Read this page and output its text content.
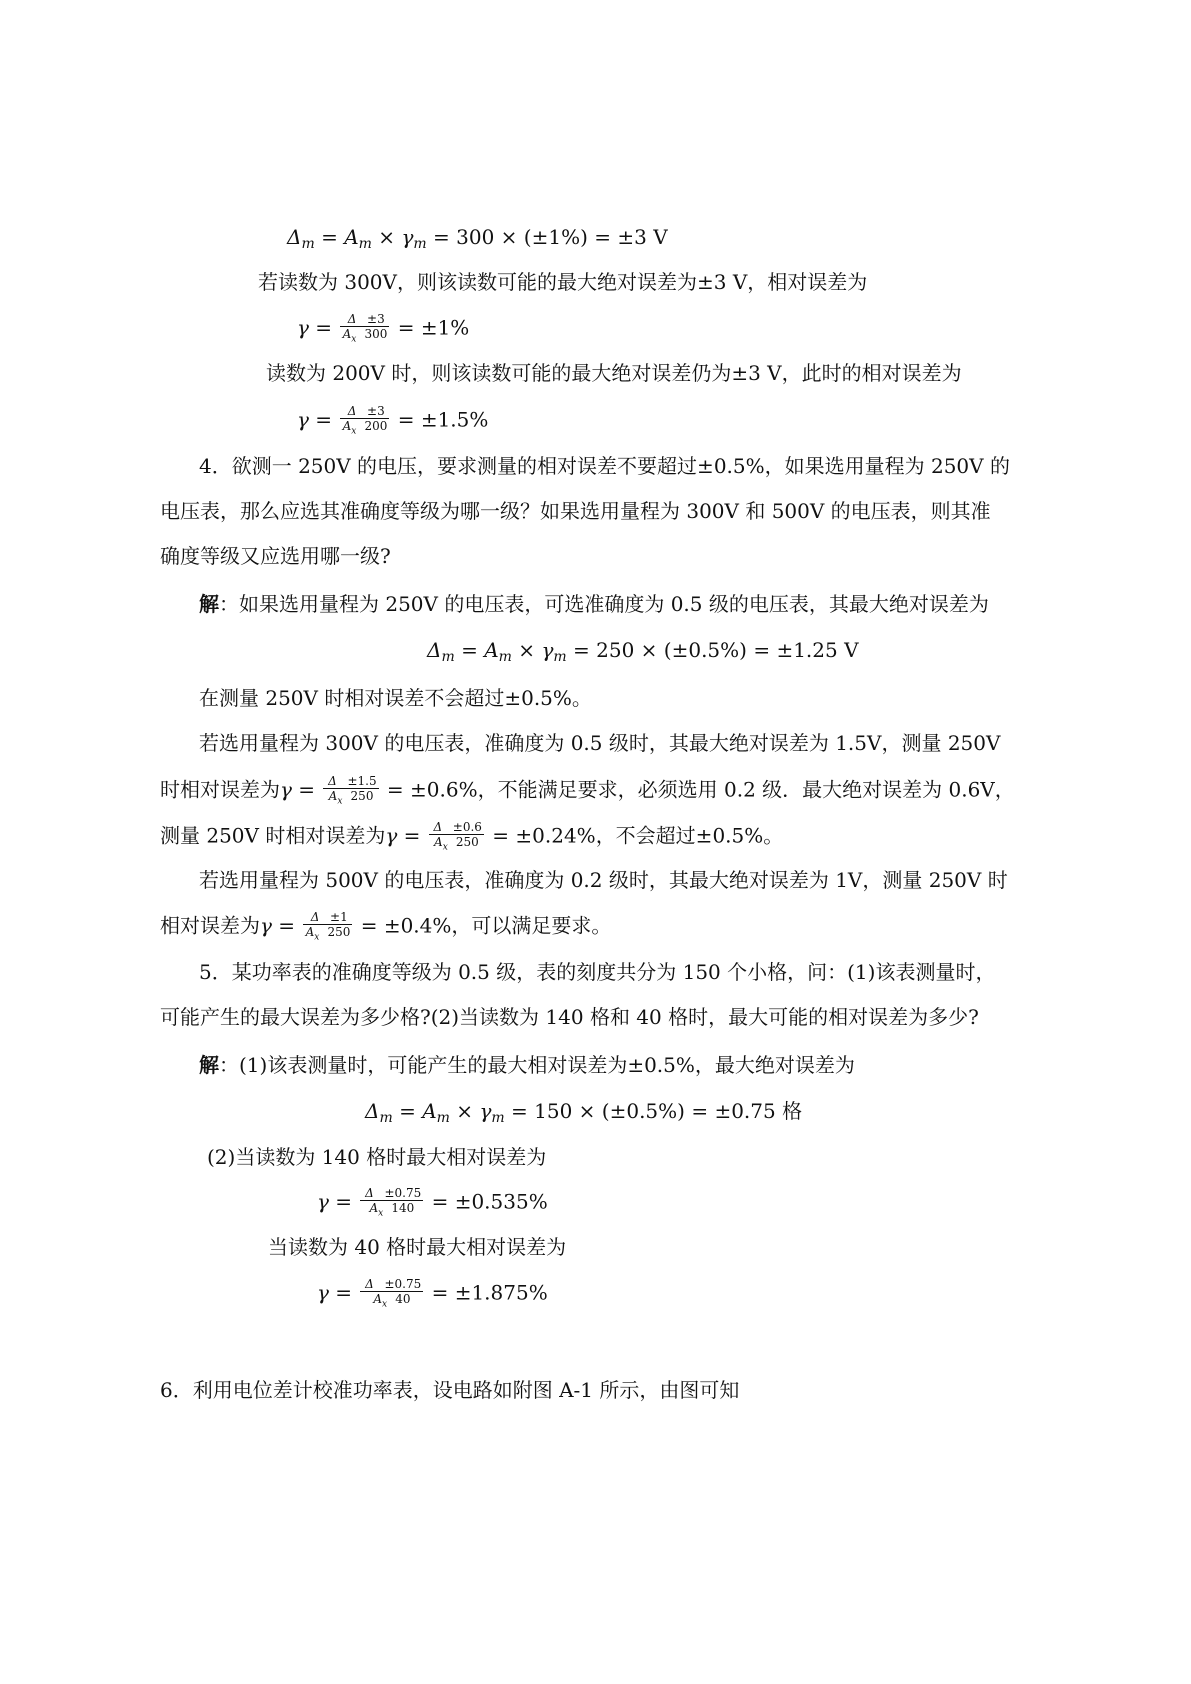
$\Delta_m = A_m \times \gamma_m = 300 \times (\pm 1\%) = \pm 3$ V
若读数为 300V，则该读数可能的最大绝对误差为±3 V，相对误差为
$\gamma = \frac{\Delta \pm 3}{A_x 300} = \pm 1\%$
读数为 200V 时，则该读数可能的最大绝对误差仍为±3 V，此时的相对误差为
$\gamma = \frac{\Delta \pm 3}{A_x 200} = \pm 1.5\%$
4．欲测一 250V 的电压，要求测量的相对误差不要超过±0.5%，如果选用量程为 250V 的
电压表，那么应选其准确度等级为哪一级？如果选用量程为 300V 和 500V 的电压表，则其准
确度等级又应选用哪一级?
解：如果选用量程为 250V 的电压表，可选准确度为 0.5 级的电压表，其最大绝对误差为
$\Delta_m = A_m \times \gamma_m = 250 \times (\pm 0.5\%) = \pm 1.25$ V
在测量 250V 时相对误差不会超过±0.5%。
若选用量程为 300V 的电压表，准确度为 0.5 级时，其最大绝对误差为 1.5V，测量 250V
时相对误差为$\gamma = \frac{\Delta \pm 1.5}{A_x 250} = \pm 0.6\%$，不能满足要求，必须选用 0.2 级．最大绝对误差为 0.6V，
测量 250V 时相对误差为$\gamma = \frac{\Delta \pm 0.6}{A_x 250} = \pm 0.24\%$，不会超过±0.5%。
若选用量程为 500V 的电压表，准确度为 0.2 级时，其最大绝对误差为 1V，测量 250V 时
相对误差为$\gamma = \frac{\Delta \pm 1}{A_x 250} = \pm 0.4\%$，可以满足要求。
5．某功率表的准确度等级为 0.5 级，表的刻度共分为 150 个小格，问：(1)该表测量时，
可能产生的最大误差为多少格?(2)当读数为 140 格和 40 格时，最大可能的相对误差为多少?
解：(1)该表测量时，可能产生的最大相对误差为±0.5%，最大绝对误差为
$\Delta_m = A_m \times \gamma_m = 150 \times (\pm 0.5\%) = \pm 0.75$ 格
(2)当读数为 140 格时最大相对误差为
$\gamma = \frac{\Delta \pm 0.75}{A_x 140} = \pm 0.535\%$
当读数为 40 格时最大相对误差为
$\gamma = \frac{\Delta \pm 0.75}{A_x 40} = \pm 1.875\%$
6．利用电位差计校准功率表，设电路如附图 A-1 所示，由图可知
